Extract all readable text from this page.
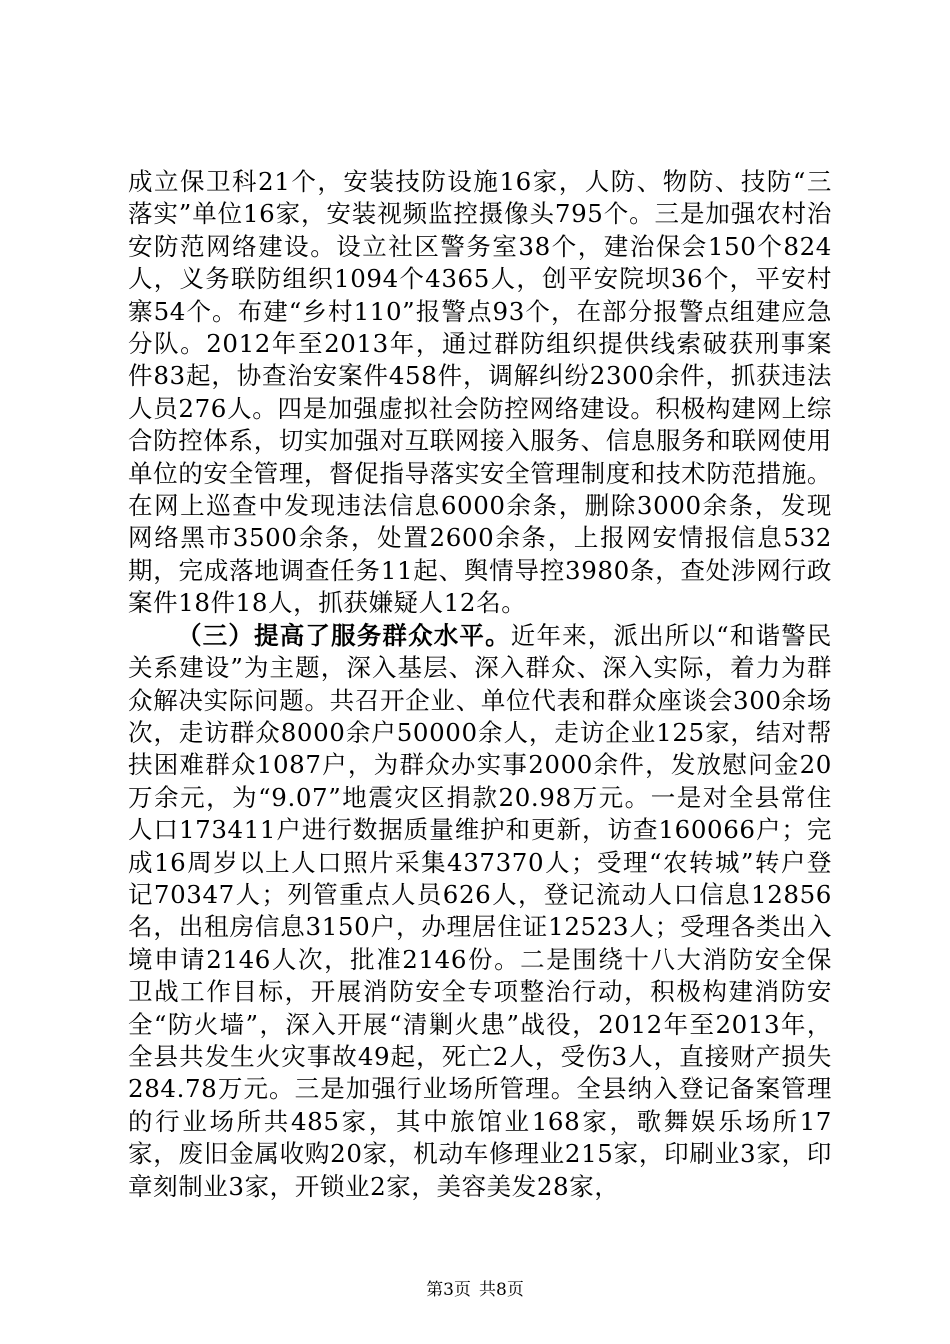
成立保卫科21个，安装技防设施16家，人防、物防、技防“三落实”单位16家，安装视频监控摄像头795个。三是加强农村治安防范网络建设。设立社区警务室38个，建治保会150个824人，义务联防组织1094个4365人，创平安院坝36个，平安村寨54个。布建“乡村110”报警点93个，在部分报警点组建应急分队。2012年至2013年，通过群防组织提供线索破获刑事案件83起，协查治安案件458件，调解纠纷2300余件，抓获违法人员276人。四是加强虚拟社会防控网络建设。积极构建网上综合防控体系，切实加强对互联网接入服务、信息服务和联网使用单位的安全管理，督促指导落实安全管理制度和技术防范措施。在网上巡查中发现违法信息6000余条，删除3000余条，发现网络黑市3500余条，处置2600余条，上报网安情报信息532期，完成落地调查任务11起、舆情导控3980条，查处涉网行政案件18件18人，抓获嫌疑人12名。

（三）提高了服务群众水平。近年来，派出所以“和谐警民关系建设”为主题，深入基层、深入群众、深入实际，着力为群众解决实际问题。共召开企业、单位代表和群众座谈会300余场次，走访群众8000余户50000余人，走访企业125家，结对帮扶困难群众1087户，为群众办实事2000余件，发放慰问金20万余元，为“9.07”地震灾区捐款20.98万元。一是对全县常住人口173411户进行数据质量维护和更新，访查160066户；完成16周岁以上人口照片采集437370人；受理“农转城”转户登记70347人；列管重点人员626人，登记流动人口信息12856名，出租房信息3150户，办理居住证12523人；受理各类出入境申请2146人次，批准2146份。二是围绕十八大消防安全保卫战工作目标，开展消防安全专项整治行动，积极构建消防安全“防火墙”，深入开展“清剿火患”战役，2012年至2013年，全县共发生火灾事故49起，死亡2人，受伤3人，直接财产损失284.78万元。三是加强行业场所管理。全县纳入登记备案管理的行业场所共485家，其中旅馆业168家，歌舞娱乐场所17家，废旧金属收购20家，机动车修理业215家，印刷业3家，印章刻制业3家，开锁业2家，美容美发28家，

第3页 共8页
